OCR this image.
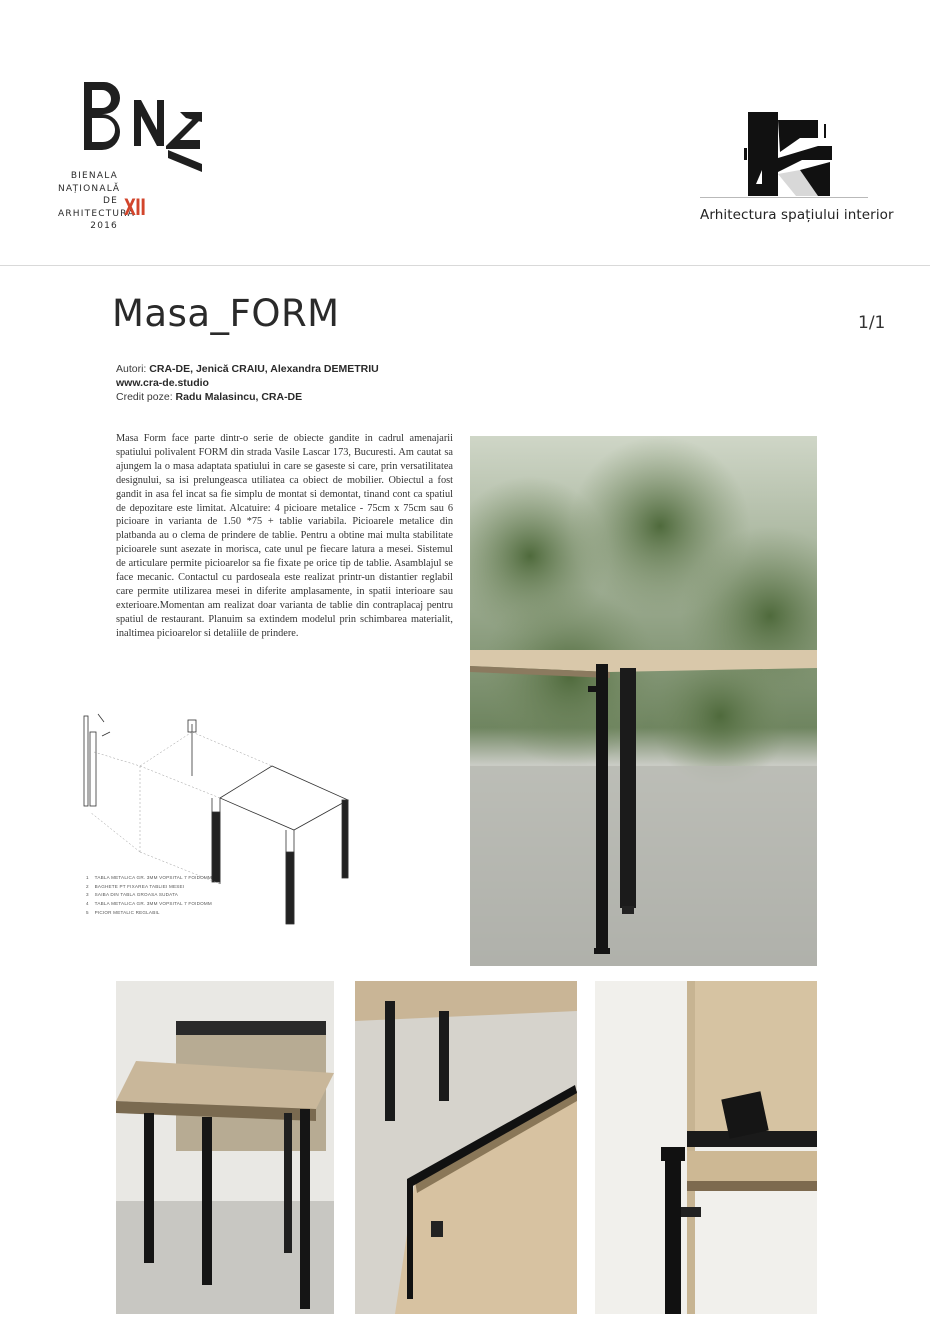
BIENALA
NAȚIONALĂ
DE
ARHITECTURĂ
2016
XII	Arhitectura spațiului interior
Masa_FORM	1/1
Autori: CRA-DE, Jenică CRAIU, Alexandra DEMETRIU
www.cra-de.studio
Credit poze: Radu Malasincu, CRA-DE
Masa Form face parte dintr-o serie de obiecte gandite in cadrul amenajarii spatiului polivalent FORM din strada Vasile Lascar 173, Bucuresti. Am cautat sa ajungem la o masa adaptata spatiului in care se gaseste si care, prin versatilitatea designului, sa isi prelungeasca utiliatea ca obiect de mobilier. Obiectul a fost gandit in asa fel incat sa fie simplu de montat si demontat, tinand cont ca spatiul de depozitare este limitat. Alcatuire: 4 picioare metalice - 75cm x 75cm sau 6 picioare in varianta de 1.50 *75 + tablie variabila. Picioarele metalice din platbanda au o clema de prindere de tablie. Pentru a obtine mai multa stabilitate picioarele sunt asezate in morisca, cate unul pe fiecare latura a mesei. Sistemul de articulare permite picioarelor sa fie fixate pe orice tip de tablie. Asamblajul se face mecanic. Contactul cu pardoseala este realizat printr-un distantier reglabil care permite utilizarea mesei in diferite amplasamente, in spatii interioare sau exterioare.Momentan am realizat doar varianta de tablie din contraplacaj pentru spatiul de restaurant. Planuim sa extindem modelul prin schimbarea materialit, inaltimea picioarelor si detaliile de prindere.
1 TABLA METALICA GR. 3MM VOPSITAL 7 FOIDOMM
2 BAGHETE PT FIXAREA TABLIEI MESEI
3 SAIBA DIN TABLA GROASA SUDATA
4 TABLA METALICA GR. 3MM VOPSITAL 7 FOIDOMM
5 PICIOR METALIC REGLABIL
